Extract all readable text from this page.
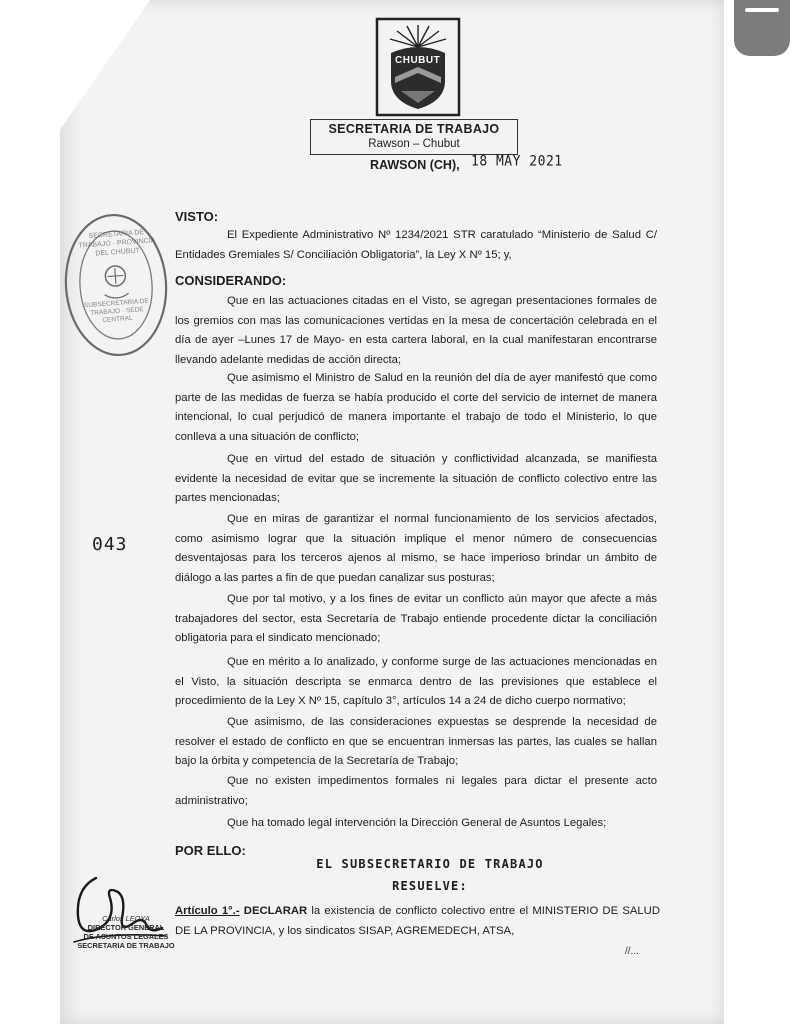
CHUBUT
SECRETARIA DE TRABAJO
Rawson – Chubut
RAWSON (CH), 18 MAY 2021
SECRETARIA DE TRABAJO · PROVINCIA DEL CHUBUT
SUBSECRETARIA DE TRABAJO · SEDE CENTRAL
043
VISTO:
El Expediente Administrativo Nº 1234/2021 STR caratulado “Ministerio de Salud C/ Entidades Gremiales S/ Conciliación Obligatoria”, la Ley X Nº 15; y,
CONSIDERANDO:
Que en las actuaciones citadas en el Visto, se agregan presentaciones formales de los gremios con mas las comunicaciones vertidas en la mesa de concertación celebrada en el día de ayer –Lunes 17 de Mayo- en esta cartera laboral, en la cual manifestaran encontrarse llevando adelante medidas de acción directa;
Que asimismo el Ministro de Salud en la reunión del día de ayer manifestó que como parte de las medidas de fuerza se había producido el corte del servicio de internet de manera intencional, lo cual perjudicó de manera importante el trabajo de todo el Ministerio, lo que conlleva a una situación de conflicto;
Que en virtud del estado de situación y conflictividad alcanzada, se manifiesta evidente la necesidad de evitar que se incremente la situación de conflicto colectivo entre las partes mencionadas;
Que en miras de garantizar el normal funcionamiento de los servicios afectados, como asimismo lograr que la situación implique el menor número de consecuencias desventajosas para los terceros ajenos al mismo, se hace imperioso brindar un ámbito de diálogo a las partes a fin de que puedan canalizar sus posturas;
Que por tal motivo, y a los fines de evitar un conflicto aún mayor que afecte a más trabajadores del sector, esta Secretaría de Trabajo entiende procedente dictar la conciliación obligatoria para el sindicato mencionado;
Que en mérito a lo analizado, y conforme surge de las actuaciones mencionadas en el Visto, la situación descripta se enmarca dentro de las previsiones que establece el procedimiento de la Ley X Nº 15, capítulo 3°, artículos 14 a 24 de dicho cuerpo normativo;
Que asimismo, de las consideraciones expuestas se desprende la necesidad de resolver el estado de conflicto en que se encuentran inmersas las partes, las cuales se hallan bajo la órbita y competencia de la Secretaría de Trabajo;
Que no existen impedimentos formales ni legales para dictar el presente acto administrativo;
Que ha tomado legal intervención la Dirección General de Asuntos Legales;
POR ELLO:
EL SUBSECRETARIO DE TRABAJO
RESUELVE:
Artículo 1°.- DECLARAR la existencia de conflicto colectivo entre el MINISTERIO DE SALUD DE LA PROVINCIA, y los sindicatos SISAP, AGREMEDECH, ATSA,
//...
Carlos LEOYA
DIRECTOR GENERAL
DE ASUNTOS LEGALES
SECRETARIA DE TRABAJO
